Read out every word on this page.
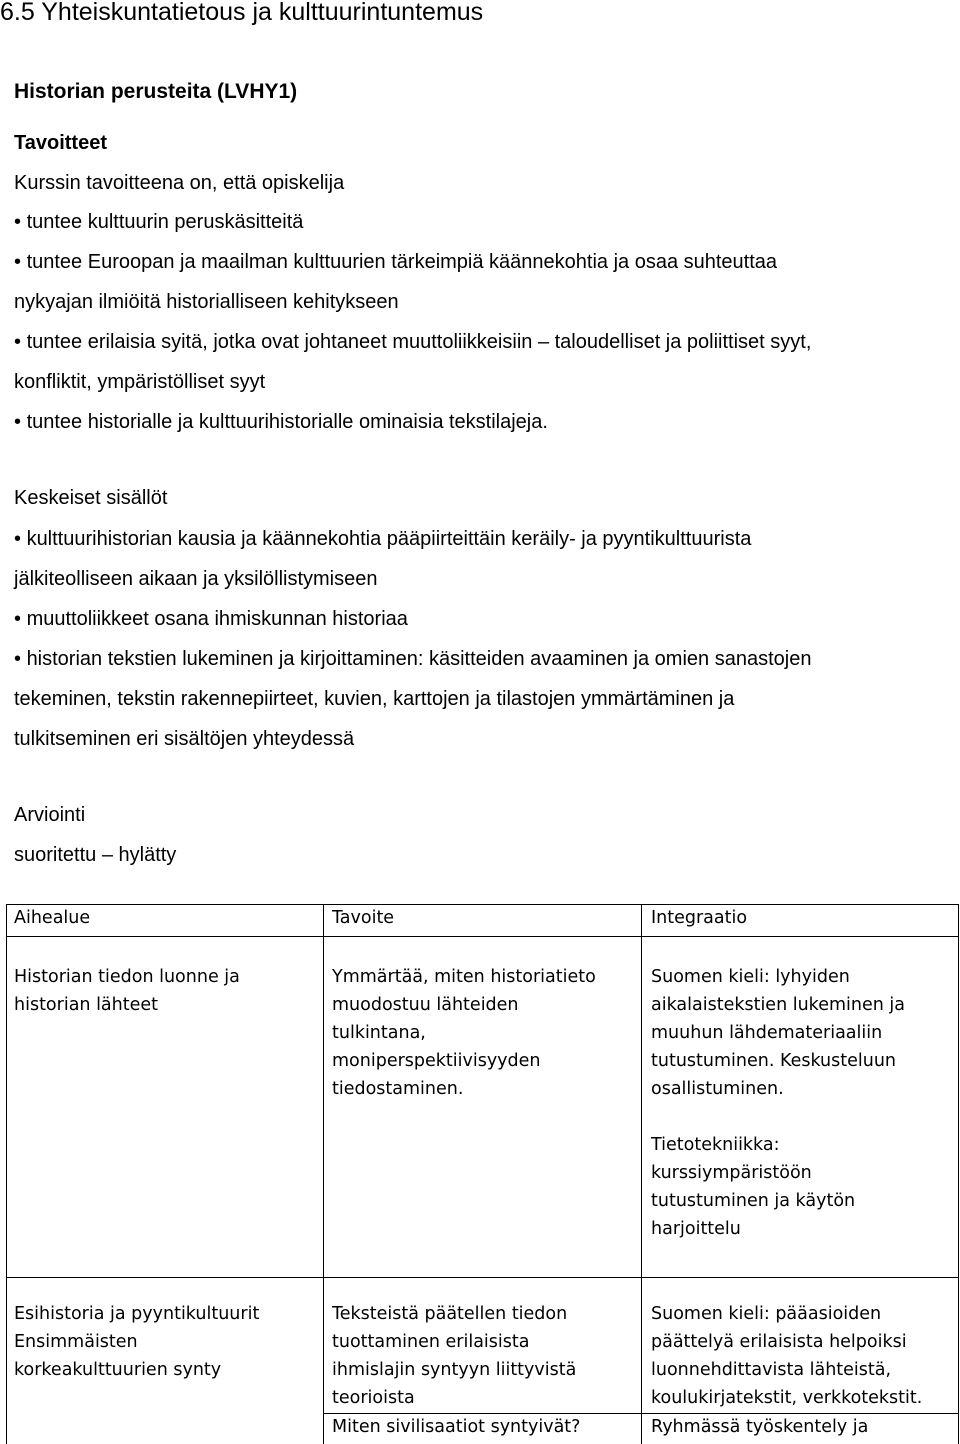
6.5 Yhteiskuntatietous ja kulttuurintuntemus
Historian perusteita (LVHY1)
Tavoitteet
Kurssin tavoitteena on, että opiskelija
• tuntee kulttuurin peruskäsitteitä
• tuntee Euroopan ja maailman kulttuurien tärkeimpiä käännekohtia ja osaa suhteuttaa
nykyajan ilmiöitä historialliseen kehitykseen
• tuntee erilaisia syitä, jotka ovat johtaneet muuttoliikkeisiin – taloudelliset ja poliittiset syyt,
konfliktit, ympäristölliset syyt
• tuntee historialle ja kulttuurihistorialle ominaisia tekstilajeja.
Keskeiset sisällöt
• kulttuurihistorian kausia ja käännekohtia pääpiirteittäin keräily- ja pyyntikulttuurista
jälkiteolliseen aikaan ja yksilöllistymiseen
• muuttoliikkeet osana ihmiskunnan historiaa
• historian tekstien lukeminen ja kirjoittaminen: käsitteiden avaaminen ja omien sanastojen
tekeminen, tekstin rakennepiirteet, kuvien, karttojen ja tilastojen ymmärtäminen ja
tulkitseminen eri sisältöjen yhteydessä
Arviointi
suoritettu – hylätty
Aihealue	Tavoite	Integraatio
Historian tiedon luonne ja
historian lähteet
Ymmärtää, miten historiatieto
muodostuu lähteiden
tulkintana,
moniperspektiivisyyden
tiedostaminen.
Suomen kieli: lyhyiden
aikalaistekstien lukeminen ja
muuhun lähdemateriaaliin
tutustuminen. Keskusteluun
osallistuminen.
Tietotekniikka:
kurssiympäristöön
tutustuminen ja käytön
harjoittelu
Esihistoria ja pyyntikultuurit
Ensimmäisten
korkeakulttuurien synty
Teksteistä päätellen tiedon
tuottaminen erilaisista
ihmislajin syntyyn liittyvistä
teorioista
Miten sivilisaatiot syntyivät?
Suomen kieli: pääasioiden
päättelyä erilaisista helpoiksi
luonnehdittavista lähteistä,
koulukirjatekstit, verkkotekstit.
Ryhmässä työskentely ja
